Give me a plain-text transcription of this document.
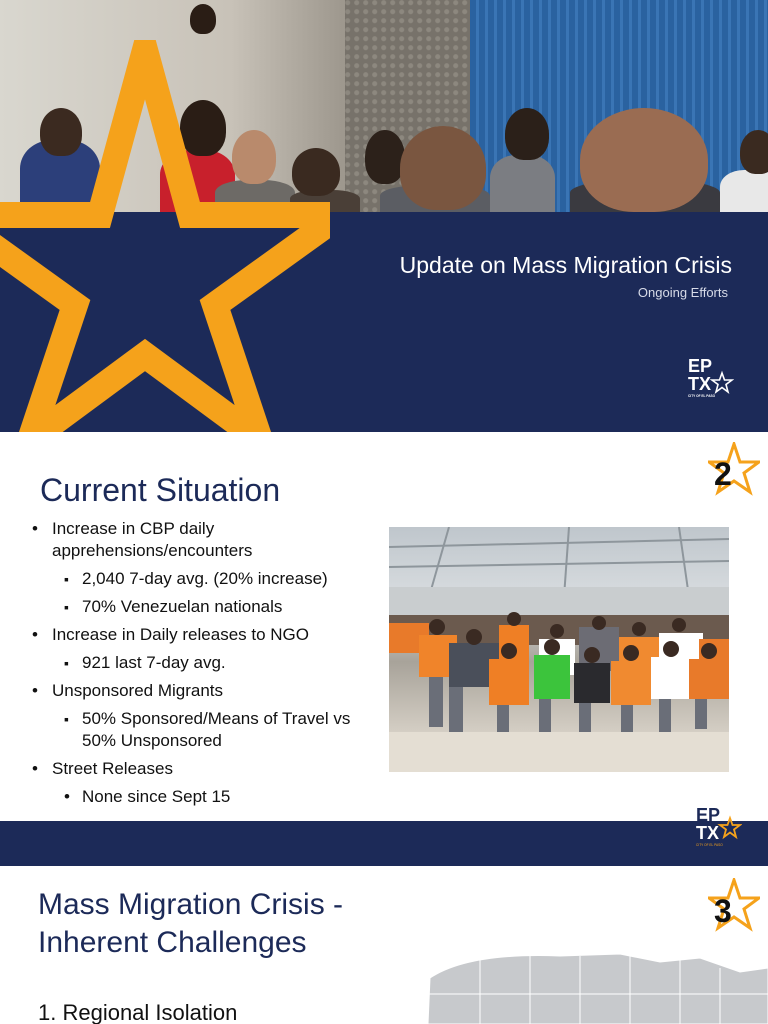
Update on Mass Migration Crisis
Ongoing Efforts
EP
TX
CITY OF EL PASO
Current Situation	2
• Increase in CBP daily apprehensions/encounters
▪ 2,040 7-day avg. (20% increase)
▪ 70% Venezuelan nationals
• Increase in Daily releases to NGO
▪ 921 last 7-day avg.
• Unsponsored Migrants
▪ 50% Sponsored/Means of Travel vs 50% Unsponsored
• Street Releases
• None since Sept 15
EP
TX
CITY OF EL PASO
Mass Migration Crisis - Inherent Challenges
3
1. Regional Isolation
